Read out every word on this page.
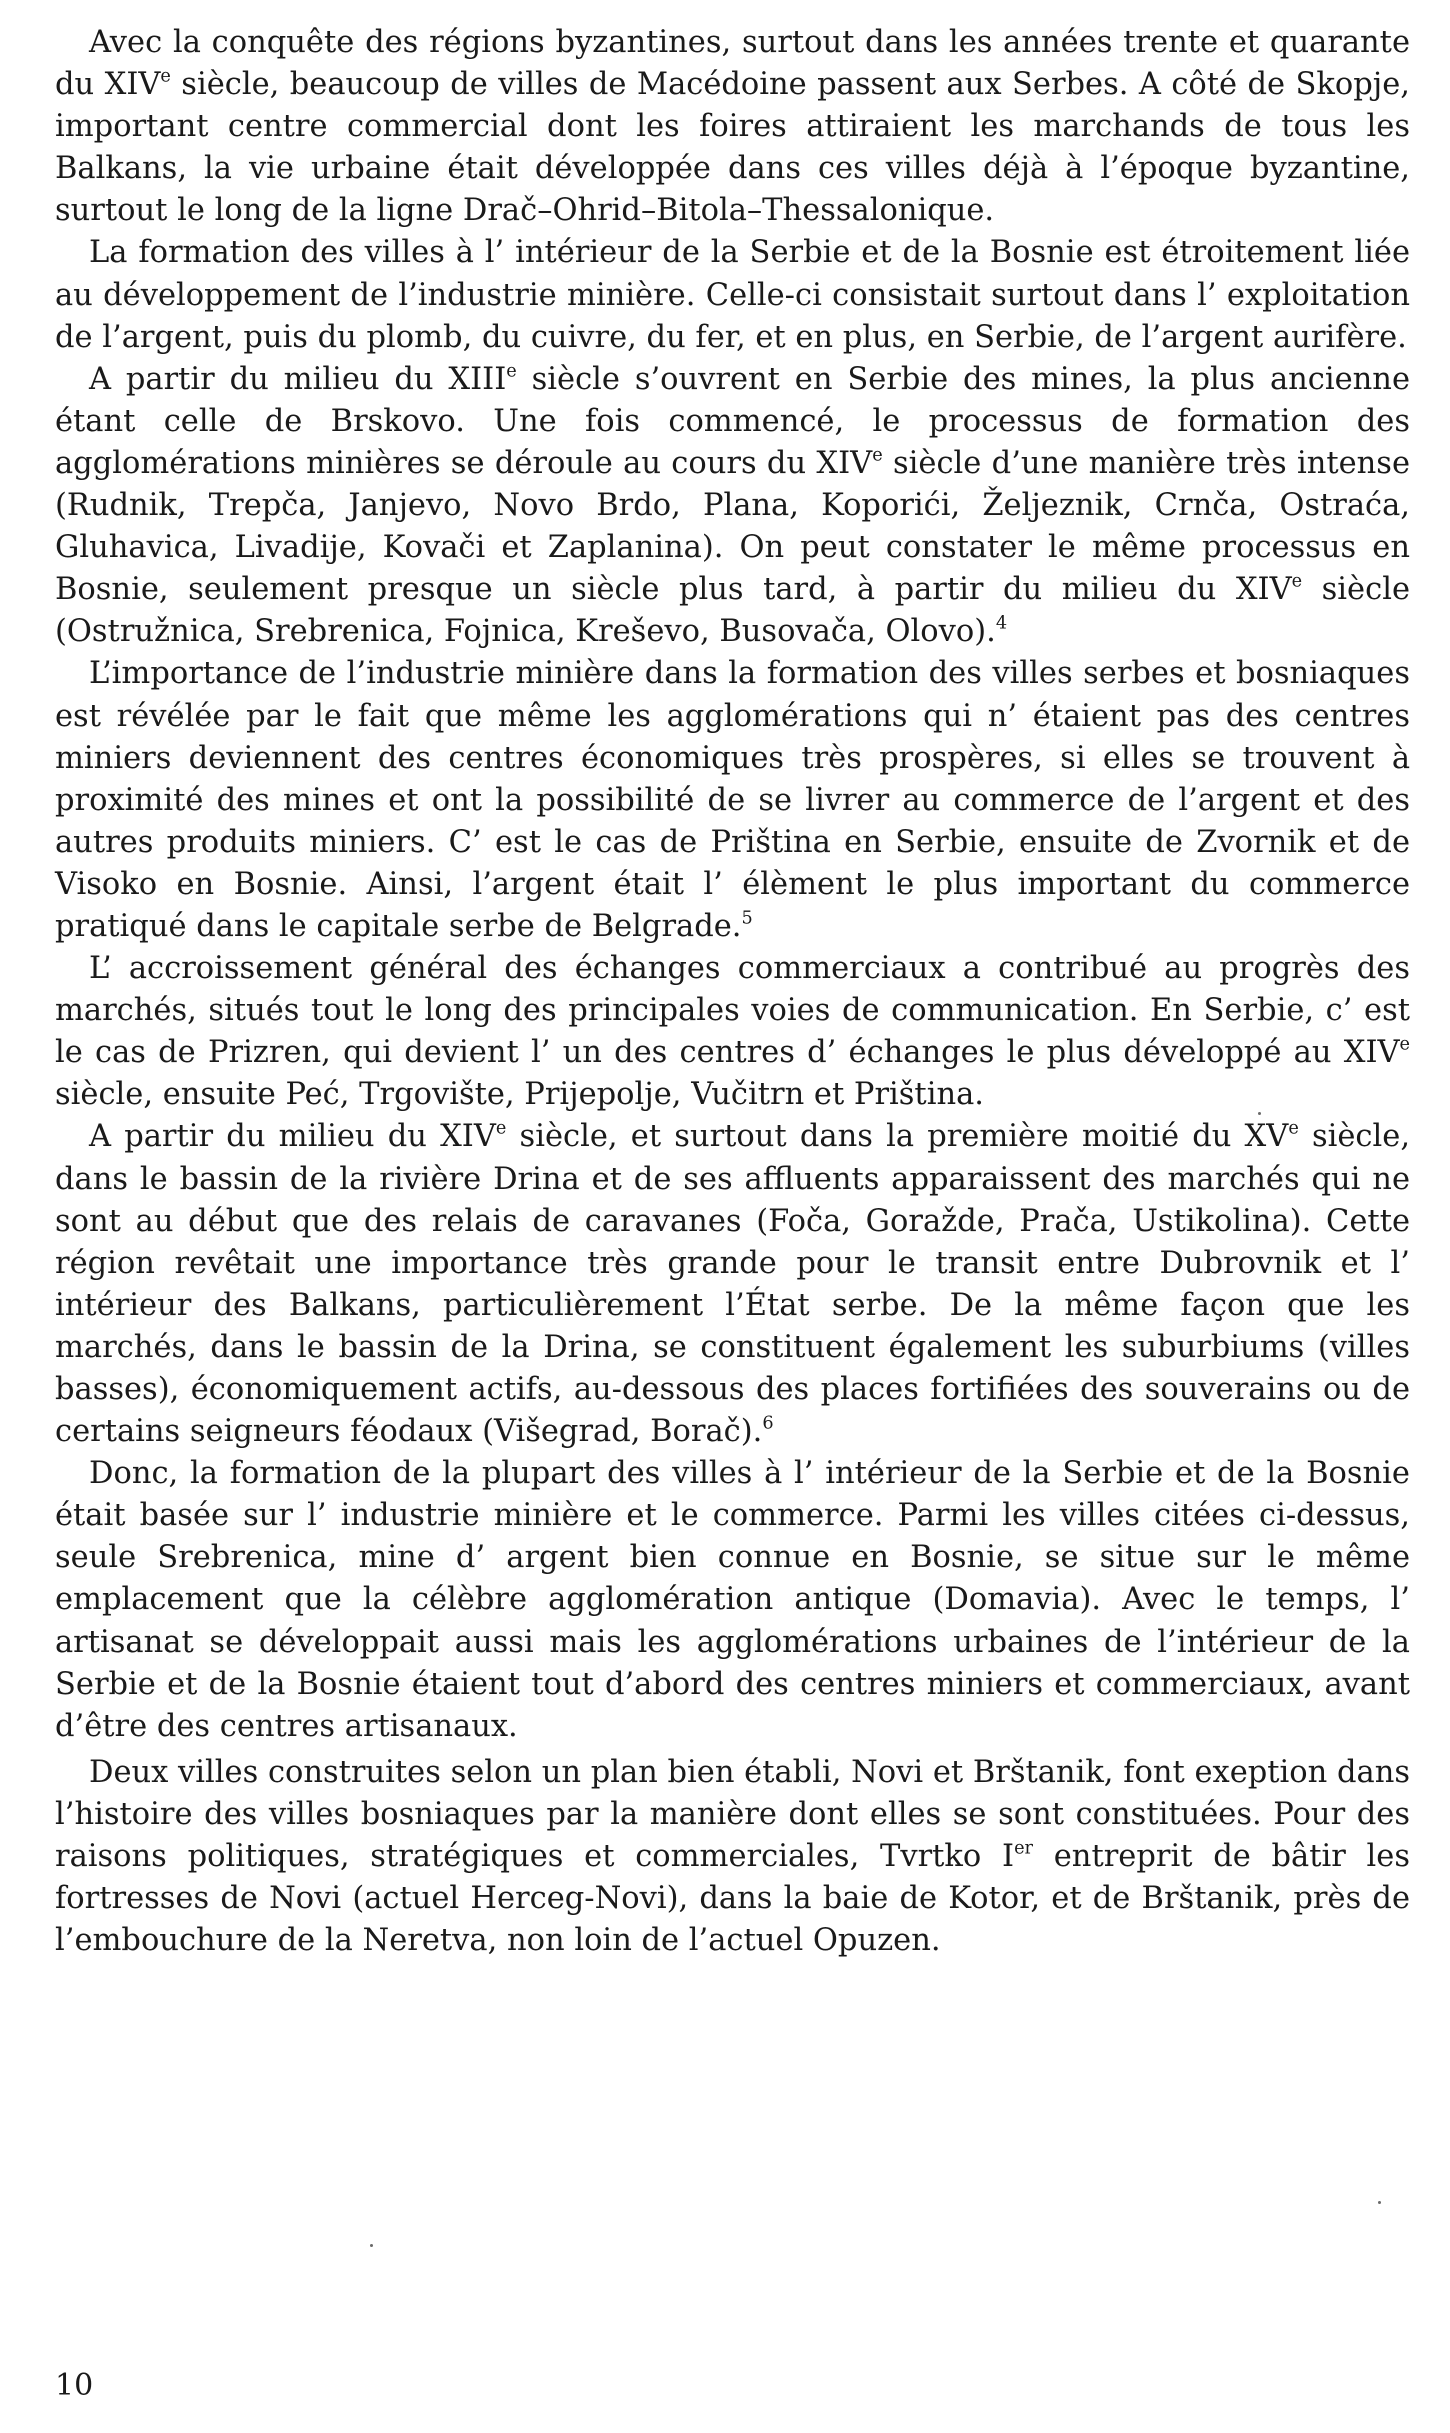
Avec la conquête des régions byzantines, surtout dans les années trente et quarante du XIVe siècle, beaucoup de villes de Macédoine passent aux Serbes. A côté de Skopje, important centre commercial dont les foires attiraient les marchands de tous les Balkans, la vie urbaine était développée dans ces villes déjà à l’époque byzantine, surtout le long de la ligne Drač–Ohrid–Bitola–Thessalonique.

La formation des villes à l’ intérieur de la Serbie et de la Bosnie est étroitement liée au développement de l’industrie minière. Celle-ci consistait surtout dans l’ exploitation de l’argent, puis du plomb, du cuivre, du fer, et en plus, en Serbie, de l’argent aurifère.

A partir du milieu du XIIIe siècle s’ouvrent en Serbie des mines, la plus ancienne étant celle de Brskovo. Une fois commencé, le processus de formation des agglomérations minières se déroule au cours du XIVe siècle d’une manière très intense (Rudnik, Trepča, Janjevo, Novo Brdo, Plana, Koporići, Željeznik, Crnča, Ostraća, Gluhavica, Livadije, Kovači et Zaplanina). On peut constater le même processus en Bosnie, seulement presque un siècle plus tard, à partir du milieu du XIVe siècle (Ostružnica, Srebrenica, Fojnica, Kreševo, Busovača, Olovo).$^4$

L’importance de l’industrie minière dans la formation des villes serbes et bosniaques est révélée par le fait que même les agglomérations qui n’ étaient pas des centres miniers deviennent des centres économiques très prospères, si elles se trouvent à proximité des mines et ont la possibilité de se livrer au commerce de l’argent et des autres produits miniers. C’ est le cas de Priština en Serbie, ensuite de Zvornik et de Visoko en Bosnie. Ainsi, l’argent était l’ élèment le plus important du commerce pratiqué dans le capitale serbe de Belgrade.$^5$

L’ accroissement général des échanges commerciaux a contribué au progrès des marchés, situés tout le long des principales voies de communication. En Serbie, c’ est le cas de Prizren, qui devient l’ un des centres d’ échanges le plus développé au XIVe siècle, ensuite Peć, Trgovište, Prijepolje, Vučitrn et Priština.

A partir du milieu du XIVe siècle, et surtout dans la première moitié du XVe siècle, dans le bassin de la rivière Drina et de ses affluents apparaissent des marchés qui ne sont au début que des relais de caravanes (Foča, Goražde, Prača, Ustikolina). Cette région revêtait une importance très grande pour le transit entre Dubrovnik et l’ intérieur des Balkans, particulièrement l’État serbe. De la même façon que les marchés, dans le bassin de la Drina, se constituent également les suburbiums (villes basses), économiquement actifs, au-dessous des places fortifiées des souverains ou de certains seigneurs féodaux (Višegrad, Borač).$^6$

Donc, la formation de la plupart des villes à l’ intérieur de la Serbie et de la Bosnie était basée sur l’ industrie minière et le commerce. Parmi les villes citées ci-dessus, seule Srebrenica, mine d’ argent bien connue en Bosnie, se situe sur le même emplacement que la célèbre agglomération antique (Domavia). Avec le temps, l’ artisanat se développait aussi mais les agglomérations urbaines de l’intérieur de la Serbie et de la Bosnie étaient tout d’abord des centres miniers et commerciaux, avant d’être des centres artisanaux.

Deux villes construites selon un plan bien établi, Novi et Brštanik, font exeption dans l’histoire des villes bosniaques par la manière dont elles se sont constituées. Pour des raisons politiques, stratégiques et commerciales, Tvrtko Ier entreprit de bâtir les fortresses de Novi (actuel Herceg-Novi), dans la baie de Kotor, et de Brštanik, près de l’embouchure de la Neretva, non loin de l’actuel Opuzen.

10
